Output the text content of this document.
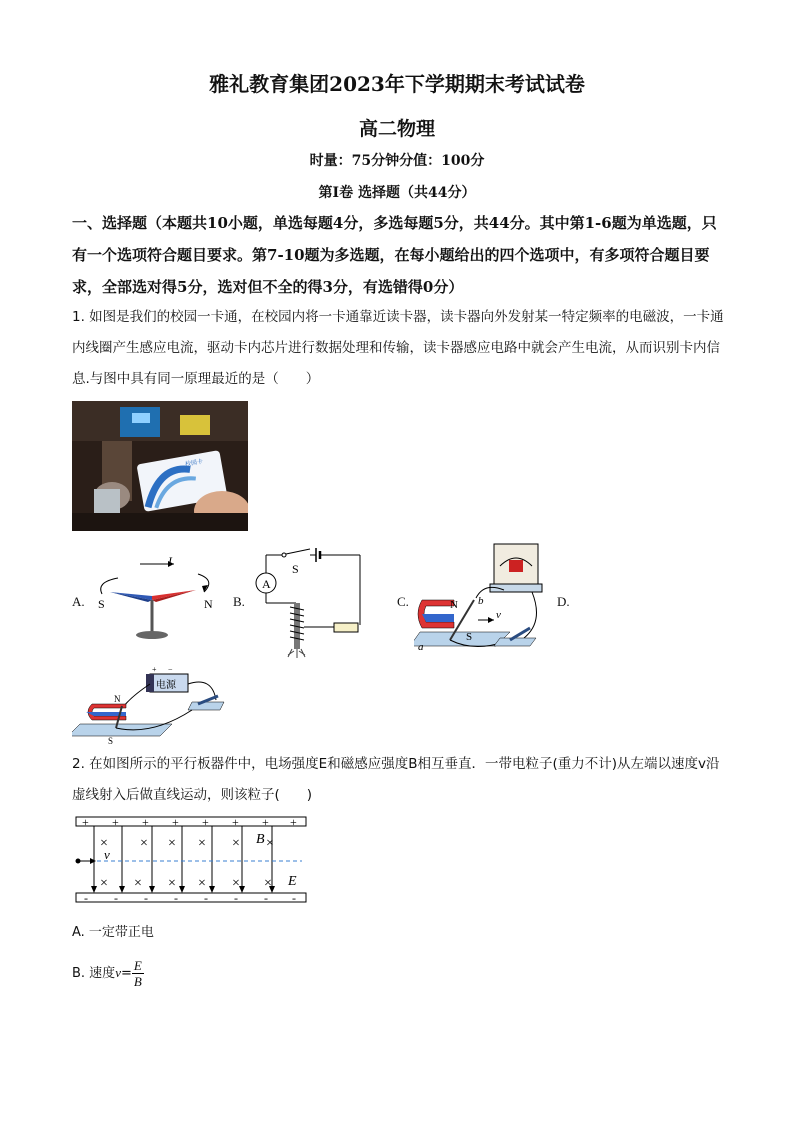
雅礼教育集团2023年下学期期末考试试卷
高二物理
时量：75分钟分值：100分
第Ⅰ卷 选择题（共44分）
一、选择题（本题共10小题，单选每题4分，多选每题5分，共44分。其中第1-6题为单选题，只有一个选项符合题目要求。第7-10题为多选题，在每小题给出的四个选项中，有多项符合题目要求，全部选对得5分，选对但不全的得3分，有选错得0分）
1. 如图是我们的校园一卡通，在校园内将一卡通靠近读卡器，读卡器向外发射某一特定频率的电磁波，一卡通内线圈产生感应电流，驱动卡内芯片进行数据处理和传输，读卡器感应电路中就会产生电流，从而识别卡内信息.与图中具有同一原理最近的是（　　）
校园卡
A.	B.	C.	D.
I
S	N
S
A
N
S
b
v
a
电源
+ −
N
S
2. 在如图所示的平行板器件中，电场强度E和磁感应强度B相互垂直．一带电粒子(重力不计)从左端以速度v沿虚线射入后做直线运动，则该粒子(　　)
+ + + + + + + +
- - - - - - - -
× × × × × ×
× × × × × ×
v
B
E
A. 一定带正电
B. 速度$v= \frac{E}{B}$
